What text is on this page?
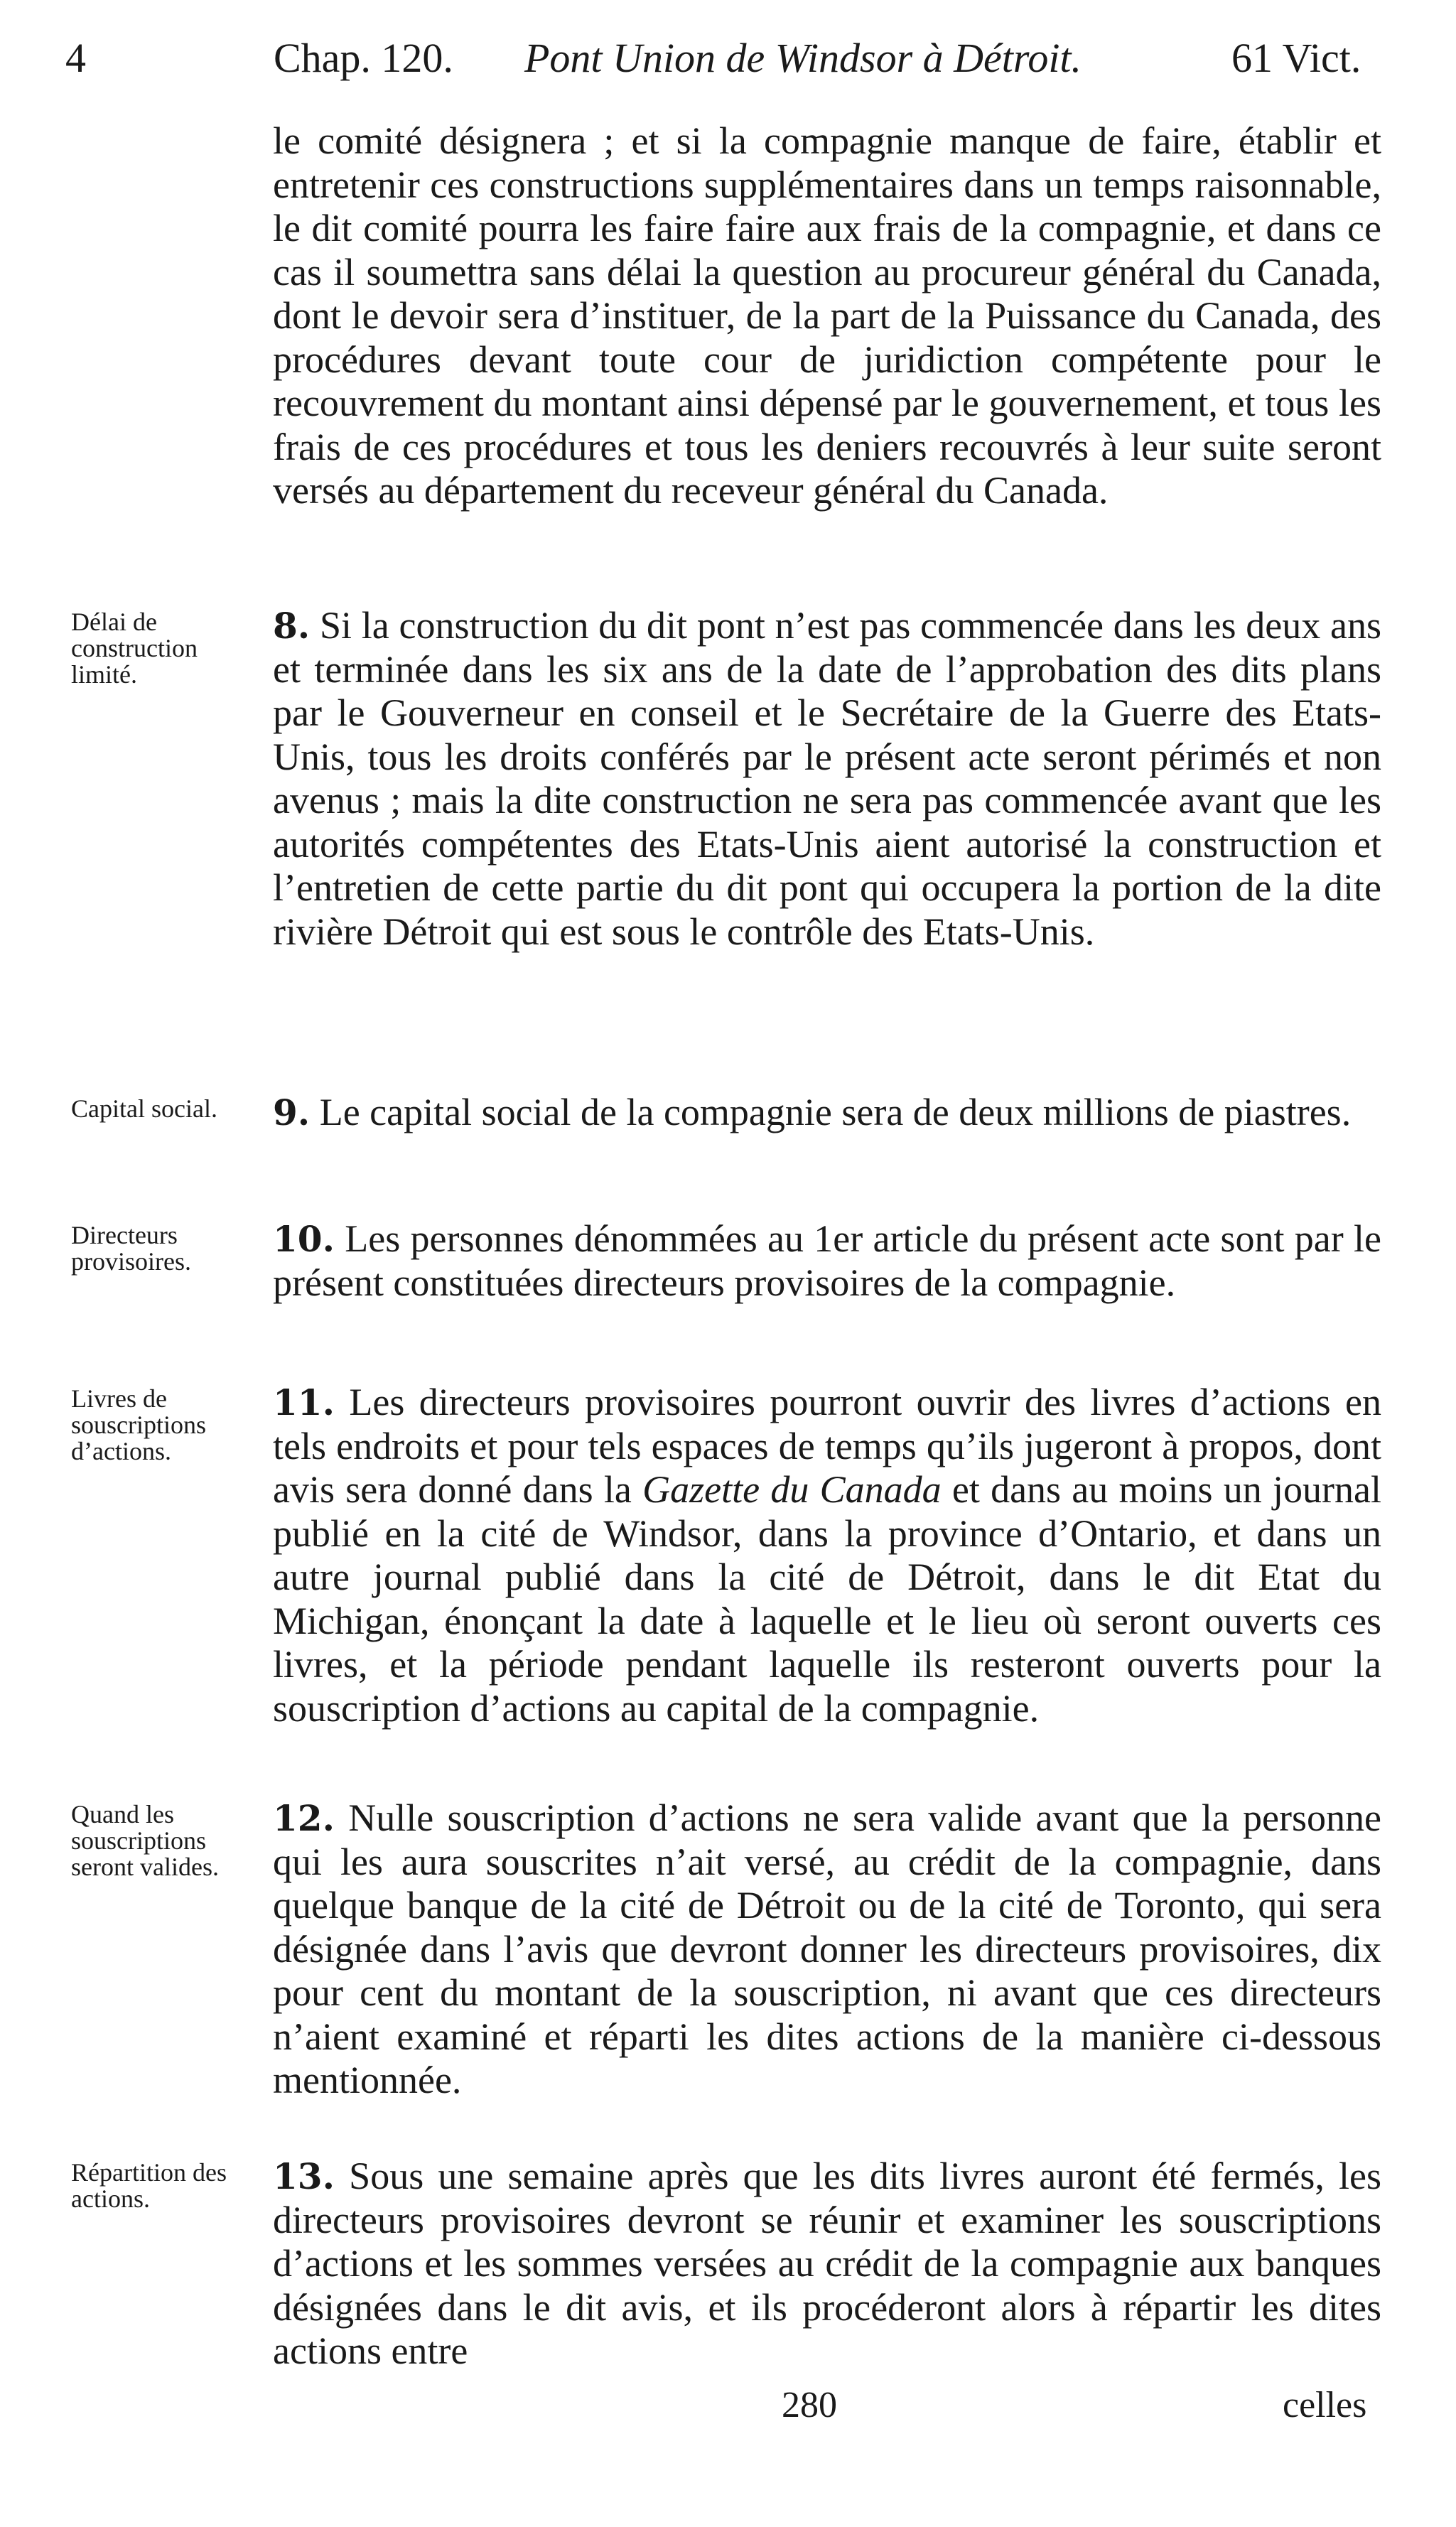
4	Chap. 120. Pont Union de Windsor à Détroit.	61 Vict.

le comité désignera ; et si la compagnie manque de faire, établir et entretenir ces constructions supplémentaires dans un temps raisonnable, le dit comité pourra les faire faire aux frais de la compagnie, et dans ce cas il soumettra sans délai la question au procureur général du Canada, dont le devoir sera d’instituer, de la part de la Puissance du Canada, des procédures devant toute cour de juridiction compétente pour le recouvrement du montant ainsi dépensé par le gouvernement, et tous les frais de ces procédures et tous les deniers recouvrés à leur suite seront versés au département du receveur général du Canada.

Délai de construction limité.

8. Si la construction du dit pont n’est pas commencée dans les deux ans et terminée dans les six ans de la date de l’approbation des dits plans par le Gouverneur en conseil et le Secrétaire de la Guerre des Etats-Unis, tous les droits conférés par le présent acte seront périmés et non avenus ; mais la dite construction ne sera pas commencée avant que les autorités compétentes des Etats-Unis aient autorisé la construction et l’entretien de cette partie du dit pont qui occupera la portion de la dite rivière Détroit qui est sous le contrôle des Etats-Unis.

Capital social.	9. Le capital social de la compagnie sera de deux millions de piastres.

Directeurs provisoires.

10. Les personnes dénommées au 1er article du présent acte sont par le présent constituées directeurs provisoires de la compagnie.

Livres de souscriptions d’actions.

11. Les directeurs provisoires pourront ouvrir des livres d’actions en tels endroits et pour tels espaces de temps qu’ils jugeront à propos, dont avis sera donné dans la Gazette du Canada et dans au moins un journal publié en la cité de Windsor, dans la province d’Ontario, et dans un autre journal publié dans la cité de Détroit, dans le dit Etat du Michigan, énonçant la date à laquelle et le lieu où seront ouverts ces livres, et la période pendant laquelle ils resteront ouverts pour la souscription d’actions au capital de la compagnie.

Quand les souscriptions seront valides.

12. Nulle souscription d’actions ne sera valide avant que la personne qui les aura souscrites n’ait versé, au crédit de la compagnie, dans quelque banque de la cité de Détroit ou de la cité de Toronto, qui sera désignée dans l’avis que devront donner les directeurs provisoires, dix pour cent du montant de la souscription, ni avant que ces directeurs n’aient examiné et réparti les dites actions de la manière ci-dessous mentionnée.

Répartition des actions.

13. Sous une semaine après que les dits livres auront été fermés, les directeurs provisoires devront se réunir et examiner les souscriptions d’actions et les sommes versées au crédit de la compagnie aux banques désignées dans le dit avis, et ils procéderont alors à répartir les dites actions entre

280	celles
